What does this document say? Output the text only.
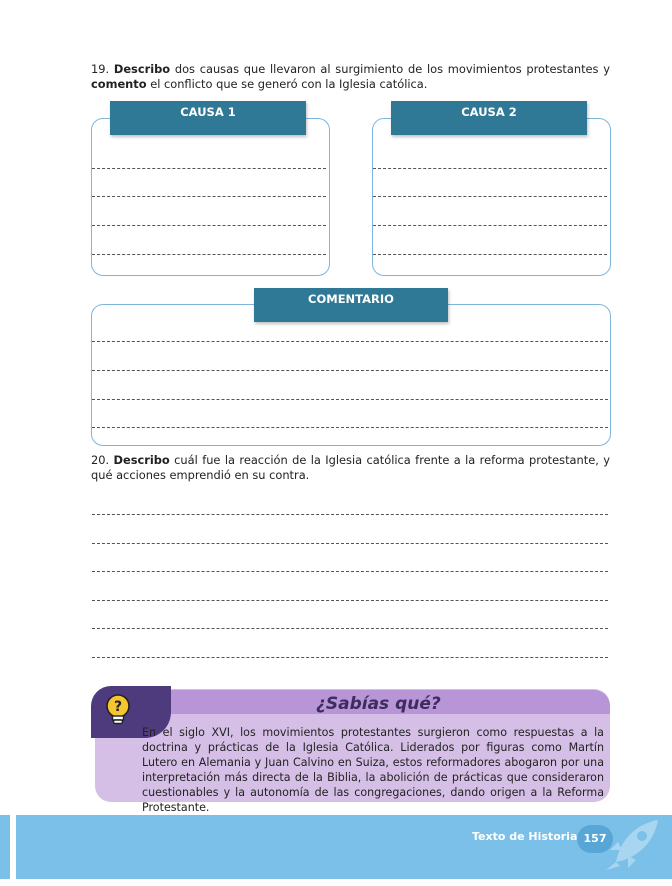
19. Describo dos causas que llevaron al surgimiento de los movimientos protestantes y comento el conflicto que se generó con la Iglesia católica.
CAUSA 1	CAUSA 2
COMENTARIO
20. Describo cuál fue la reacción de la Iglesia católica frente a la reforma protestante, y qué acciones emprendió en su contra.
?	¿Sabías qué?
En el siglo XVI, los movimientos protestantes surgieron como respuestas a la doctrina y prácticas de la Iglesia Católica. Liderados por figuras como Martín Lutero en Alemania y Juan Calvino en Suiza, estos reformadores abogaron por una interpretación más directa de la Biblia, la abolición de prácticas que consideraron cuestionables y la autonomía de las congregaciones, dando origen a la Reforma Protestante.
Texto de Historia 157
